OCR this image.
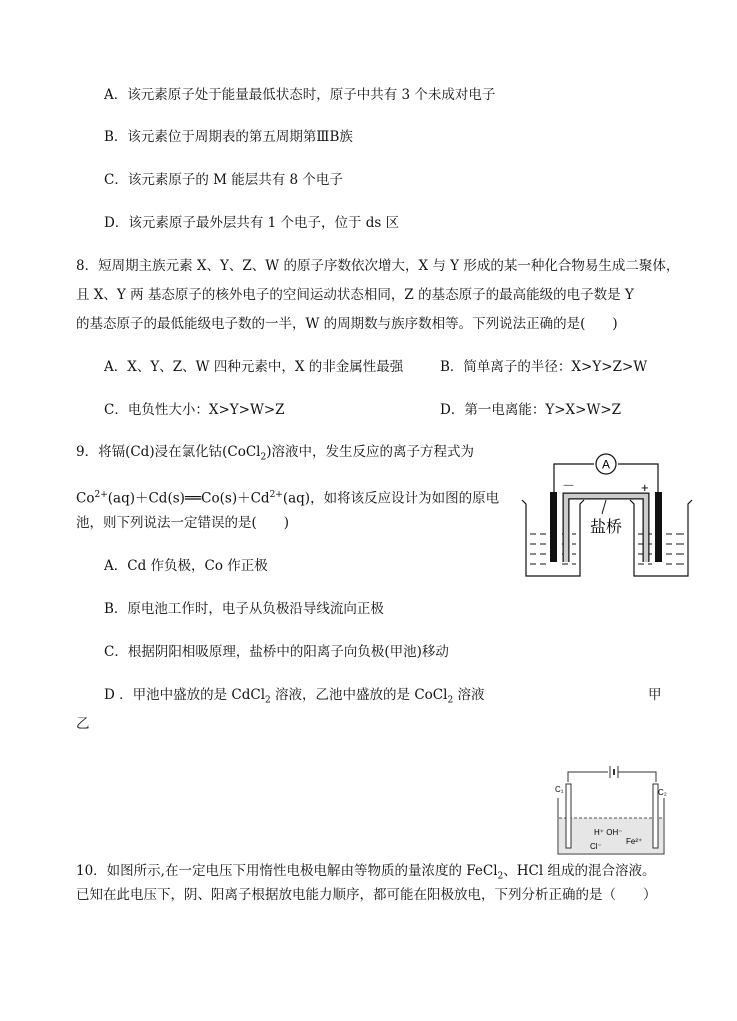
A．该元素原子处于能量最低状态时，原子中共有 3 个未成对电子
B．该元素位于周期表的第五周期第ⅢB族
C．该元素原子的 M 能层共有 8 个电子
D．该元素原子最外层共有 1 个电子，位于 ds 区
8．短周期主族元素 X、Y、Z、W 的原子序数依次增大，X 与 Y 形成的某一种化合物易生成二聚体，
且 X、Y 两 基态原子的核外电子的空间运动状态相同，Z 的基态原子的最高能级的电子数是 Y
的基态原子的最低能级电子数的一半，W 的周期数与族序数相等。下列说法正确的是(　　)
A．X、Y、Z、W 四种元素中，X 的非金属性最强	B．简单离子的半径：X>Y>Z>W
C．电负性大小：X>Y>W>Z	D．第一电离能：Y>X>W>Z
9．将镉(Cd)浸在氯化钴(CoCl$_2$)溶液中，发生反应的离子方程式为
$Co^{2+}(aq)+Cd(s)══Co(s)+Cd^{2+}(aq)$，如将该反应设计为如图的原电
池，则下列说法一定错误的是(　　)
A．Cd 作负极，Co 作正极
B．原电池工作时，电子从负极沿导线流向正极
C．根据阴阳相吸原理，盐桥中的阳离子向负极(甲池)移动
D ．甲池中盛放的是 CdCl$_2$ 溶液，乙池中盛放的是 CoCl$_2$ 溶液	甲
乙
10．如图所示,在一定电压下用惰性电极电解由等物质的量浓度的 FeCl$_2$、HCl 组成的混合溶液。
已知在此电压下，阴、阳离子根据放电能力顺序，都可能在阳极放电，下列分析正确的是（　　）
A
－	+
盐桥
C₁	C₂
H⁺ OH⁻
Fe²⁺
Cl⁻
